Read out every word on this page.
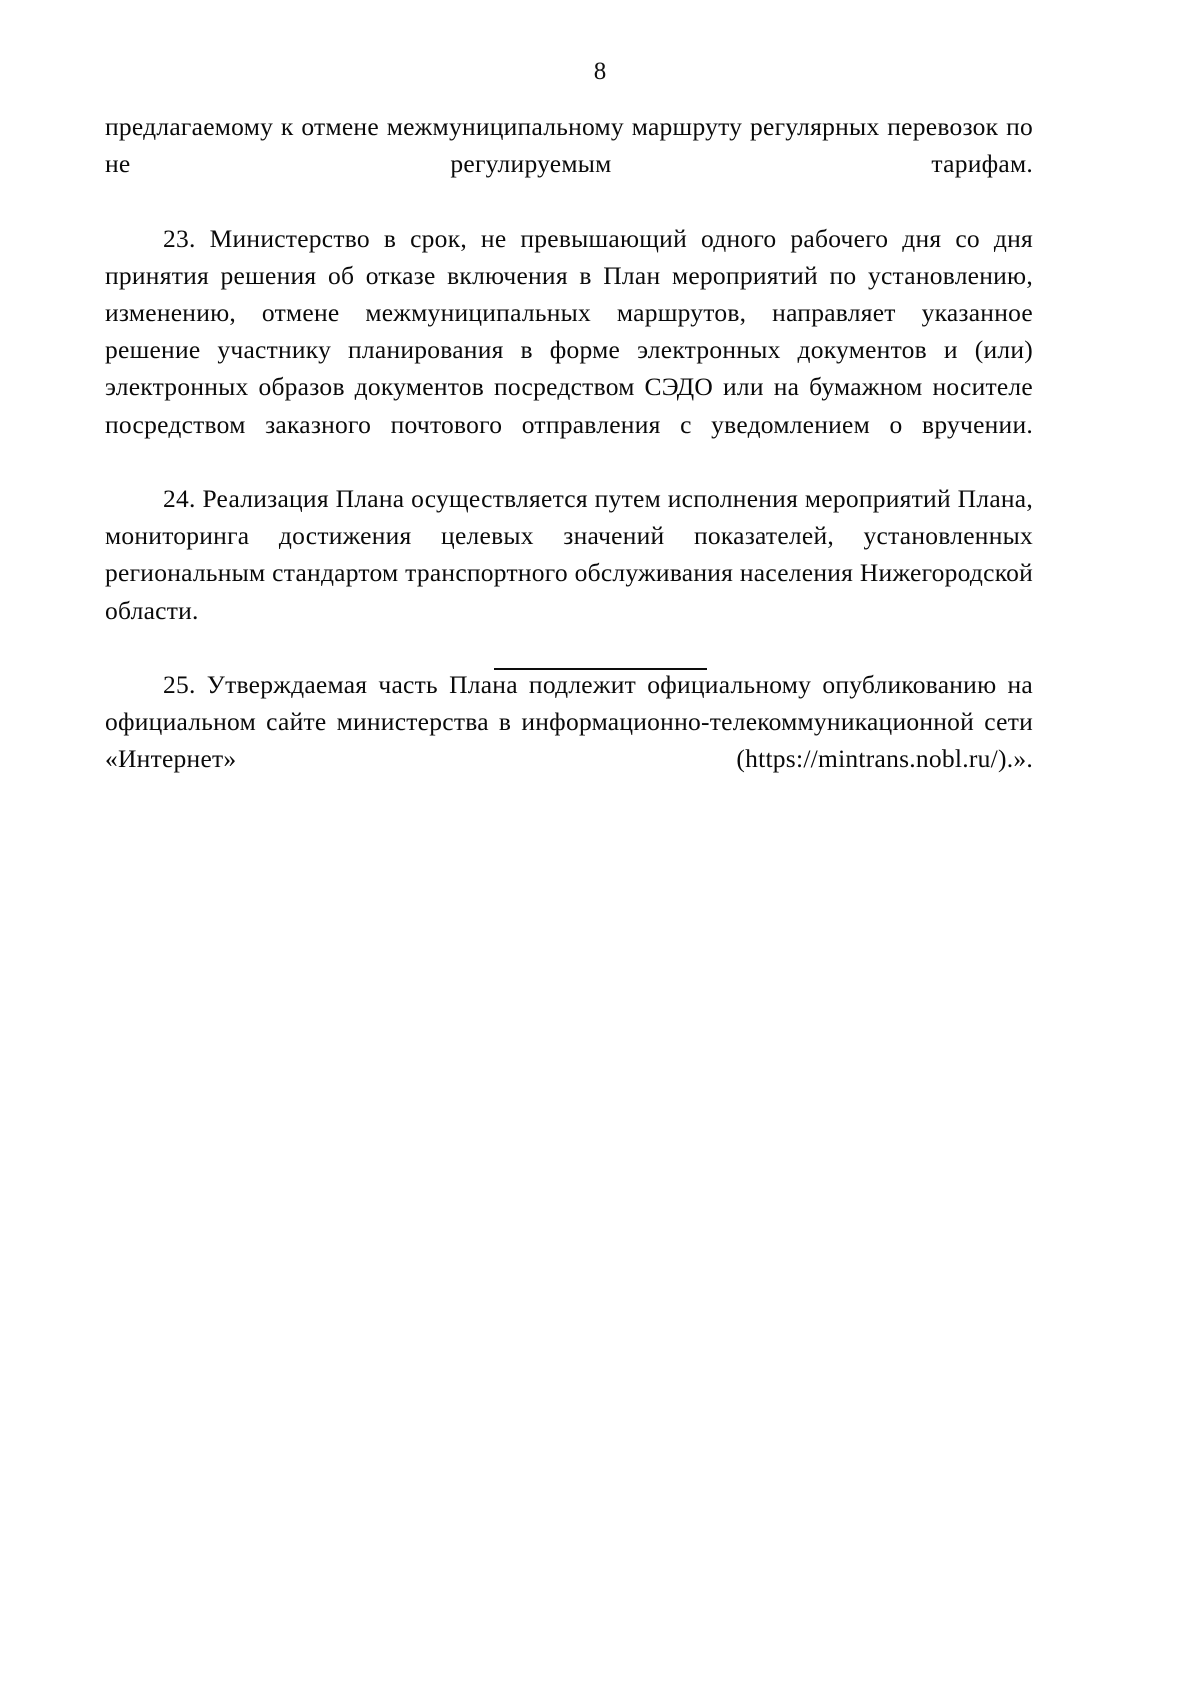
8

предлагаемому к отмене межмуниципальному маршруту регулярных перевозок по не регулируемым тарифам.

23. Министерство в срок, не превышающий одного рабочего дня со дня принятия решения об отказе включения в План мероприятий по установлению, изменению, отмене межмуниципальных маршрутов, направляет указанное решение участнику планирования в форме электронных документов и (или) электронных образов документов посредством СЭДО или на бумажном носителе посредством заказного почтового отправления с уведомлением о вручении.

24. Реализация Плана осуществляется путем исполнения мероприятий Плана, мониторинга достижения целевых значений показателей, установленных региональным стандартом транспортного обслуживания населения Нижегородской области.

25. Утверждаемая часть Плана подлежит официальному опубликованию на официальном сайте министерства в информационно-телекоммуникационной сети «Интернет» (https://mintrans.nobl.ru/).».
